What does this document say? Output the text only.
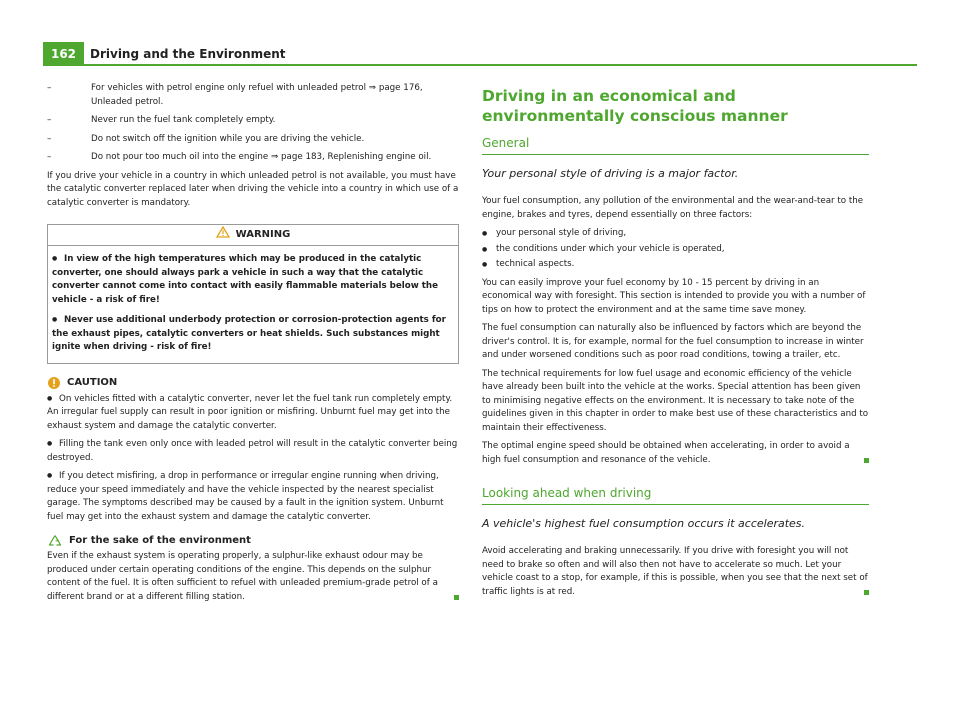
162	Driving and the Environment
– For vehicles with petrol engine only refuel with unleaded petrol ⇒ page 176, Unleaded petrol.
– Never run the fuel tank completely empty.
– Do not switch off the ignition while you are driving the vehicle.
– Do not pour too much oil into the engine ⇒ page 183, Replenishing engine oil.

If you drive your vehicle in a country in which unleaded petrol is not available, you must have the catalytic converter replaced later when driving the vehicle into a country in which use of a catalytic converter is mandatory.

WARNING

● In view of the high temperatures which may be produced in the catalytic converter, one should always park a vehicle in such a way that the catalytic converter cannot come into contact with easily flammable materials below the vehicle - a risk of fire!

● Never use additional underbody protection or corrosion-protection agents for the exhaust pipes, catalytic converters or heat shields. Such substances might ignite when driving - risk of fire!

CAUTION

● On vehicles fitted with a catalytic converter, never let the fuel tank run completely empty. An irregular fuel supply can result in poor ignition or misfiring. Unburnt fuel may get into the exhaust system and damage the catalytic converter.

● Filling the tank even only once with leaded petrol will result in the catalytic converter being destroyed.

● If you detect misfiring, a drop in performance or irregular engine running when driving, reduce your speed immediately and have the vehicle inspected by the nearest specialist garage. The symptoms described may be caused by a fault in the ignition system. Unburnt fuel may get into the exhaust system and damage the catalytic converter.

For the sake of the environment

Even if the exhaust system is operating properly, a sulphur-like exhaust odour may be produced under certain operating conditions of the engine. This depends on the sulphur content of the fuel. It is often sufficient to refuel with unleaded premium-grade petrol of a different brand or at a different filling station.

Driving in an economical and environmentally conscious manner
General
Your personal style of driving is a major factor.

Your fuel consumption, any pollution of the environmental and the wear-and-tear to the engine, brakes and tyres, depend essentially on three factors:

● your personal style of driving,
● the conditions under which your vehicle is operated,
● technical aspects.

You can easily improve your fuel economy by 10 - 15 percent by driving in an economical way with foresight. This section is intended to provide you with a number of tips on how to protect the environment and at the same time save money.

The fuel consumption can naturally also be influenced by factors which are beyond the driver's control. It is, for example, normal for the fuel consumption to increase in winter and under worsened conditions such as poor road conditions, towing a trailer, etc.

The technical requirements for low fuel usage and economic efficiency of the vehicle have already been built into the vehicle at the works. Special attention has been given to minimising negative effects on the environment. It is necessary to take note of the guidelines given in this chapter in order to make best use of these characteristics and to maintain their effectiveness.

The optimal engine speed should be obtained when accelerating, in order to avoid a high fuel consumption and resonance of the vehicle.

Looking ahead when driving
A vehicle's highest fuel consumption occurs it accelerates.

Avoid accelerating and braking unnecessarily. If you drive with foresight you will not need to brake so often and will also then not have to accelerate so much. Let your vehicle coast to a stop, for example, if this is possible, when you see that the next set of traffic lights is at red.
